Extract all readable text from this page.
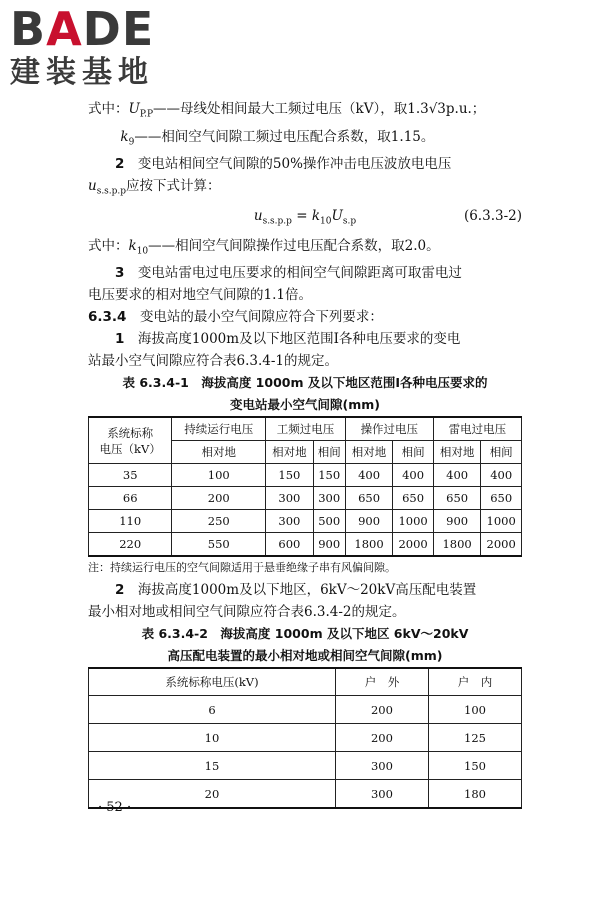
BADE
建装基地

式中：$U_{P.P}——$母线处相间最大工频过电压（kV），取1.3√3p.u.；

$k_9——$相间空气间隙工频过电压配合系数，取1.15。

2　 变电站相间空气间隙的50%操作冲击电压波放电电压

$u_{s.s.p.p}$应按下式计算：

$u_{s.s.p.p} = k_{10}U_{s.p}$	(6.3.3-2)

式中：$k_{10}——$相间空气间隙操作过电压配合系数，取2.0。

3　 变电站雷电过电压要求的相间空气间隙距离可取雷电过

电压要求的相对地空气间隙的1.1倍。

6.3.4　 变电站的最小空气间隙应符合下列要求：

1　 海拔高度1000m及以下地区范围Ⅰ各种电压要求的变电

站最小空气间隙应符合表6.3.4-1的规定。

表 6.3.4-1　海拔高度 1000m 及以下地区范围Ⅰ各种电压要求的
变电站最小空气间隙(mm)
系统标称
电压（kV）	持续运行电压	工频过电压		操作过电压		雷电过电压	
	相对地	相对地	相间	相对地	相间	相对地	相间
35	100	150	150	400	400	400	400
66	200	300	300	650	650	650	650
110	250	300	500	900	1000	900	1000
220	550	600	900	1800	2000	1800	2000

注：持续运行电压的空气间隙适用于悬垂绝缘子串有风偏间隙。

2　 海拔高度1000m及以下地区，6kV～20kV高压配电装置

最小相对地或相间空气间隙应符合表6.3.4-2的规定。

表 6.3.4-2　海拔高度 1000m 及以下地区 6kV～20kV
高压配电装置的最小相对地或相间空气间隙(mm)
系统标称电压(kV)	户　外	户　内
6	200	100
10	200	125
15	300	150
20	300	180
· 52 ·
